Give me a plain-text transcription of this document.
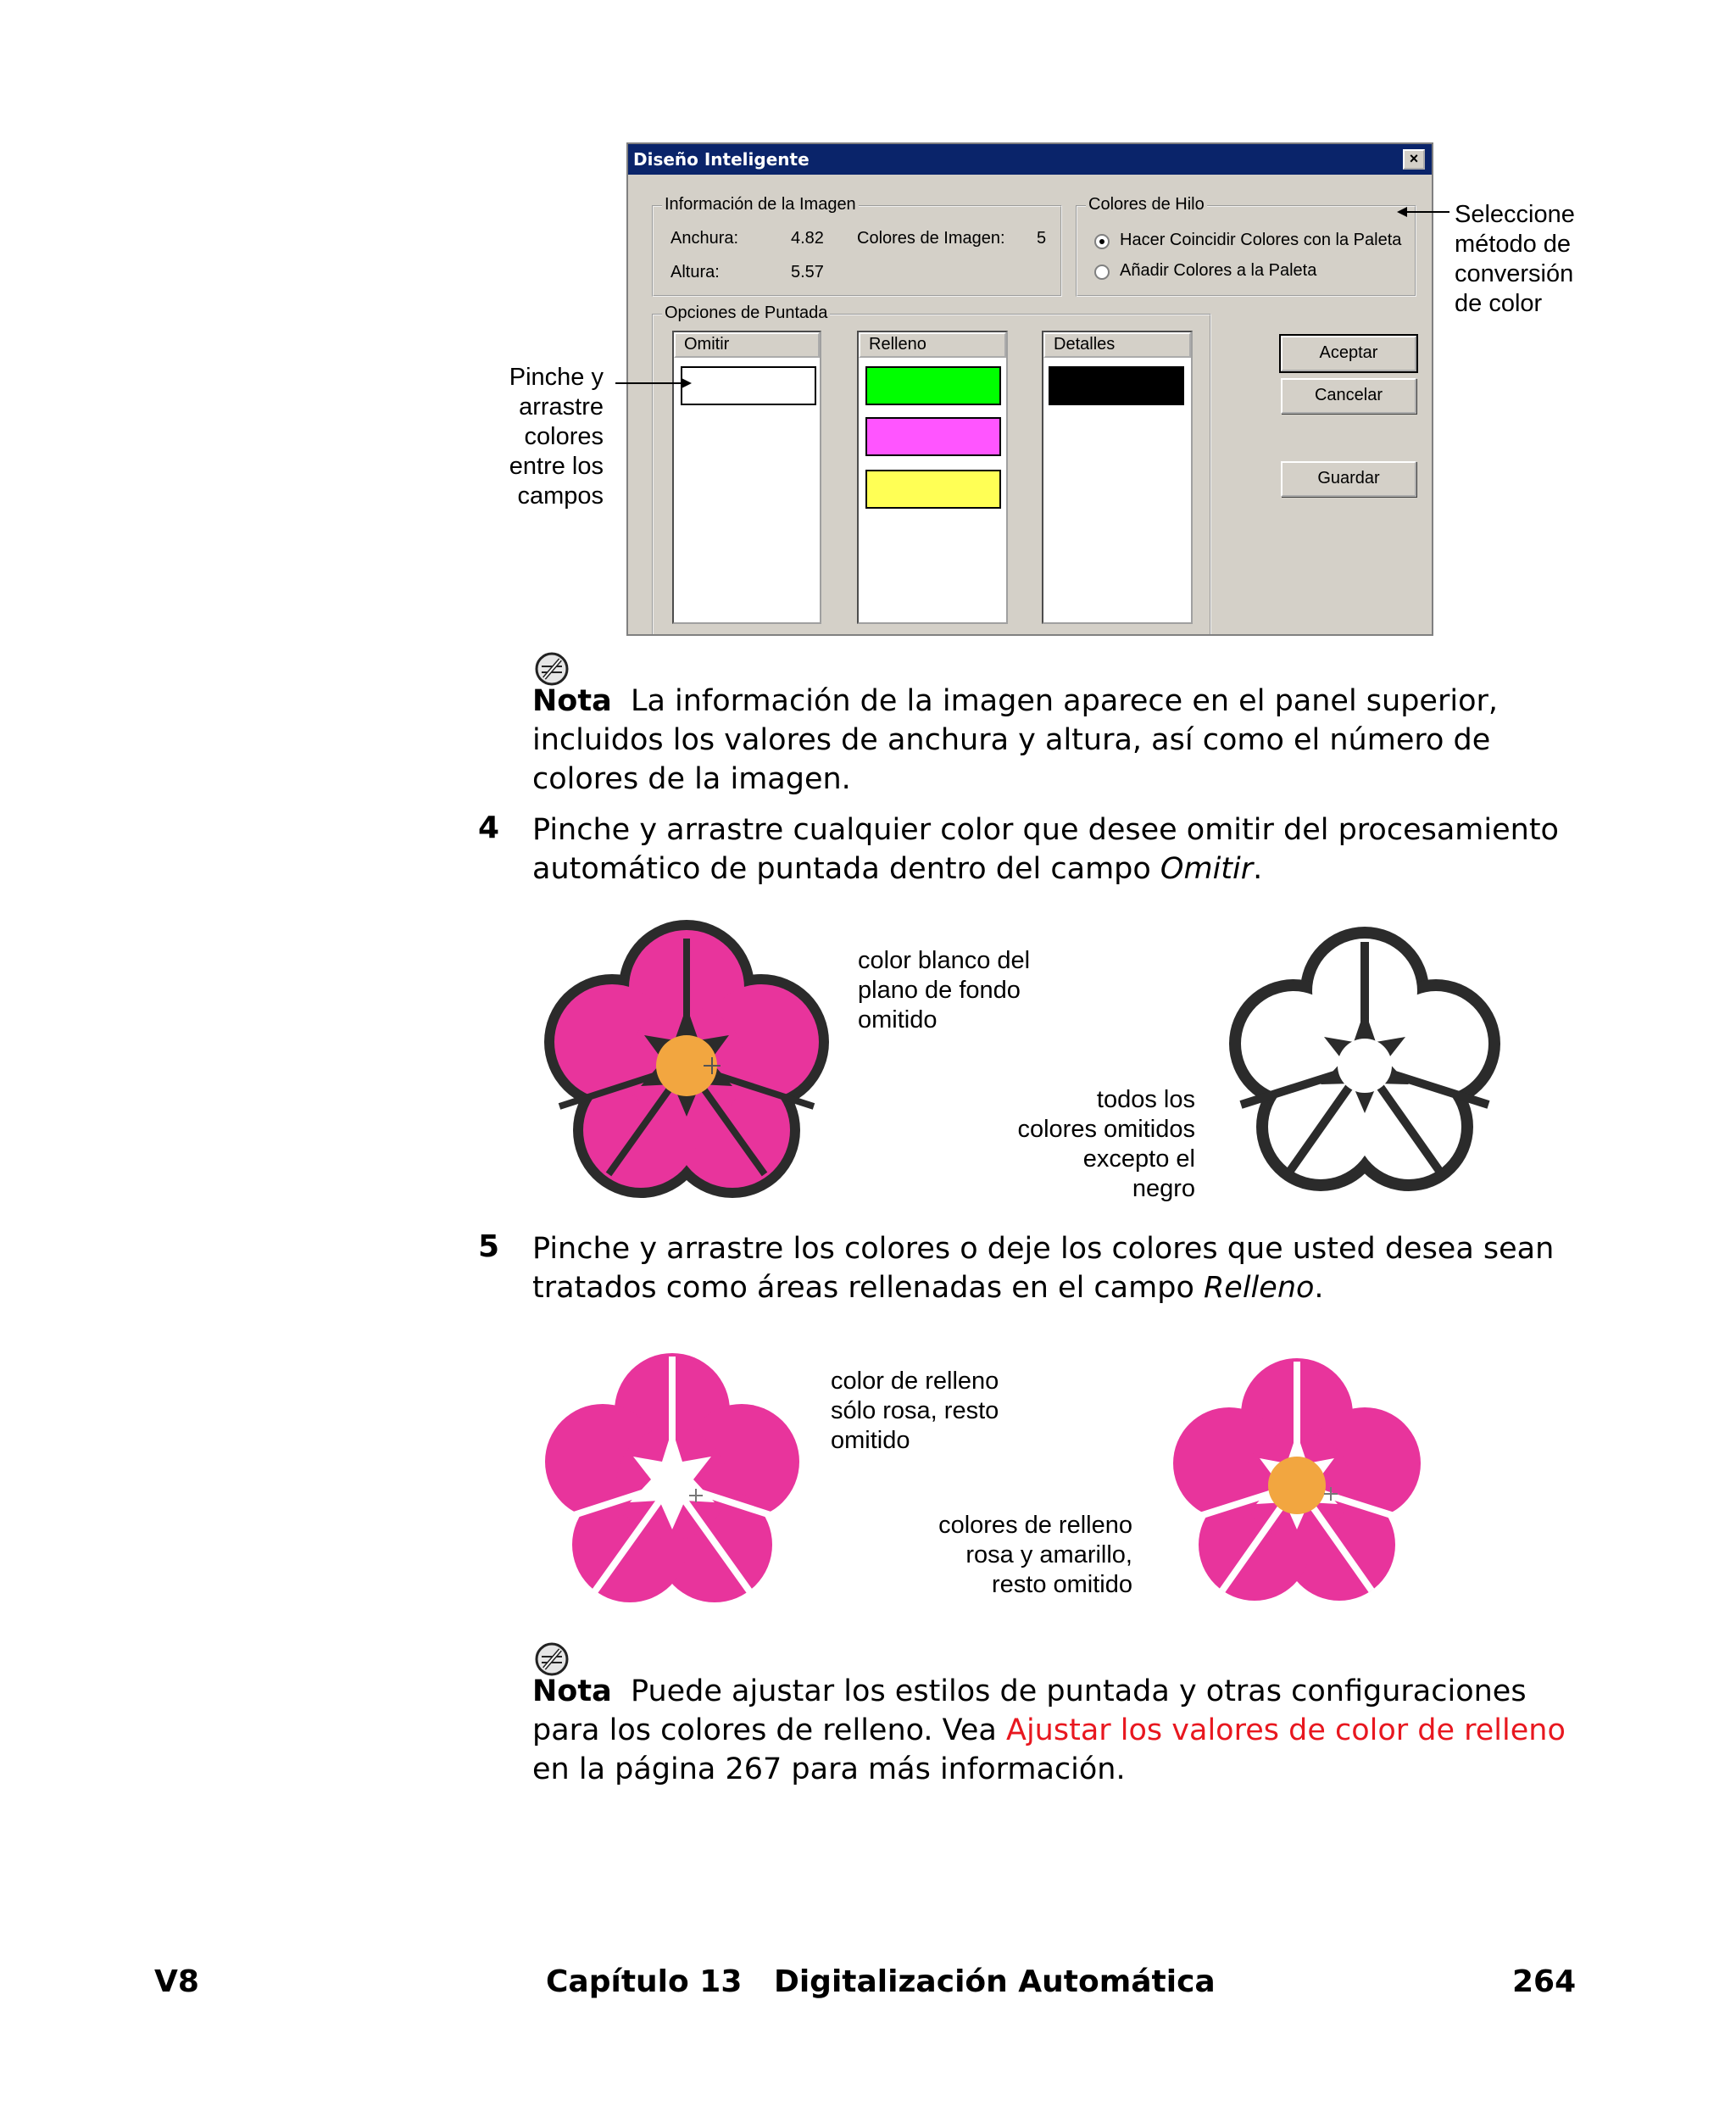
Diseño Inteligente	×
Información de la Imagen
Anchura:	4.82 Colores de Imagen: 5
Altura:	5.57
Colores de Hilo
Hacer Coincidir Colores con la Paleta
Añadir Colores a la Paleta
Opciones de Puntada
Omitir	Relleno	Detalles	Aceptar
Cancelar
Guardar
Pinche y
arrastre
colores
entre los
campos
Seleccione
método de
conversión
de color
Nota La información de la imagen aparece en el panel superior, incluidos los valores de anchura y altura, así como el número de colores de la imagen.
4 Pinche y arrastre cualquier color que desee omitir del procesamiento automático de puntada dentro del campo Omitir.
color blanco del
plano de fondo
omitido
todos los
colores omitidos
excepto el
negro
5 Pinche y arrastre los colores o deje los colores que usted desea sean tratados como áreas rellenadas en el campo Relleno.
color de relleno
sólo rosa, resto
omitido
colores de relleno
rosa y amarillo,
resto omitido
Nota Puede ajustar los estilos de puntada y otras configuraciones para los colores de relleno. Vea Ajustar los valores de color de relleno en la página 267 para más información.
V8	Capítulo 13   Digitalización Automática	264
